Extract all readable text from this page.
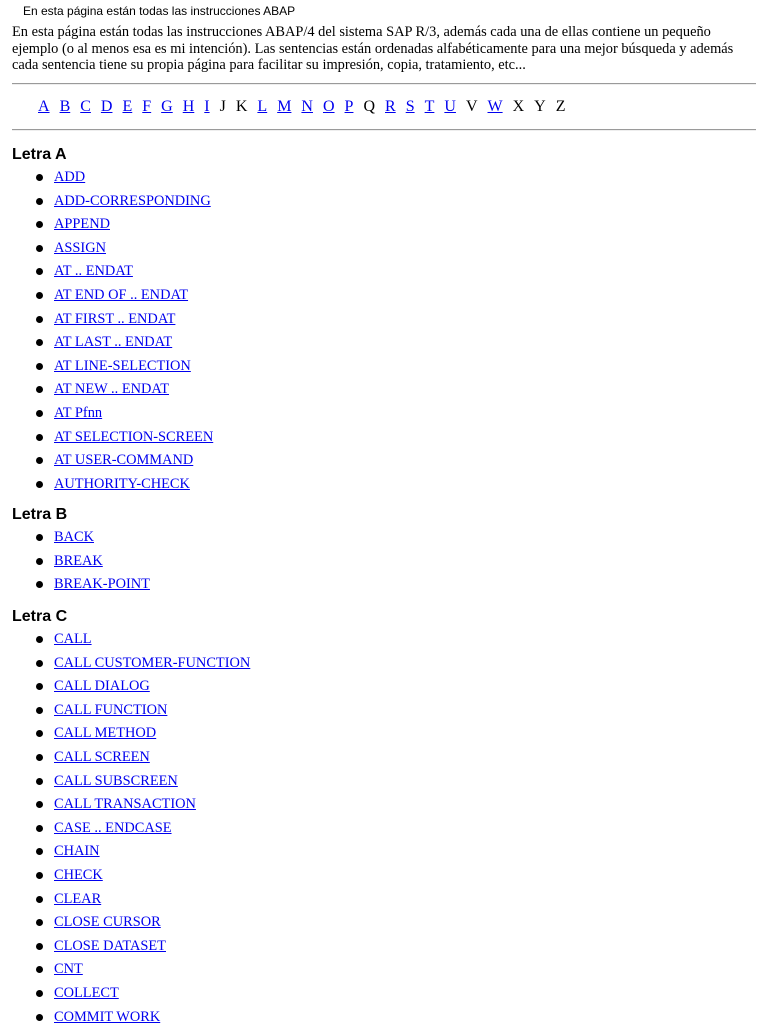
En esta página están todas las instrucciones ABAP

En esta página están todas las instrucciones ABAP/4 del sistema SAP R/3, además cada una de ellas contiene un pequeño ejemplo (o al menos esa es mi intención). Las sentencias están ordenadas alfabéticamente para una mejor búsqueda y además cada sentencia tiene su propia página para facilitar su impresión, copia, tratamiento, etc...

A B C D E F G H I J K L M N O P Q R S T U V W X Y Z
Letra A
ADD
ADD-CORRESPONDING
APPEND
ASSIGN
AT .. ENDAT
AT END OF .. ENDAT
AT FIRST .. ENDAT
AT LAST .. ENDAT
AT LINE-SELECTION
AT NEW .. ENDAT
AT Pfnn
AT SELECTION-SCREEN
AT USER-COMMAND
AUTHORITY-CHECK
Letra B
BACK
BREAK
BREAK-POINT
Letra C
CALL
CALL CUSTOMER-FUNCTION
CALL DIALOG
CALL FUNCTION
CALL METHOD
CALL SCREEN
CALL SUBSCREEN
CALL TRANSACTION
CASE .. ENDCASE
CHAIN
CHECK
CLEAR
CLOSE CURSOR
CLOSE DATASET
CNT
COLLECT
COMMIT WORK
